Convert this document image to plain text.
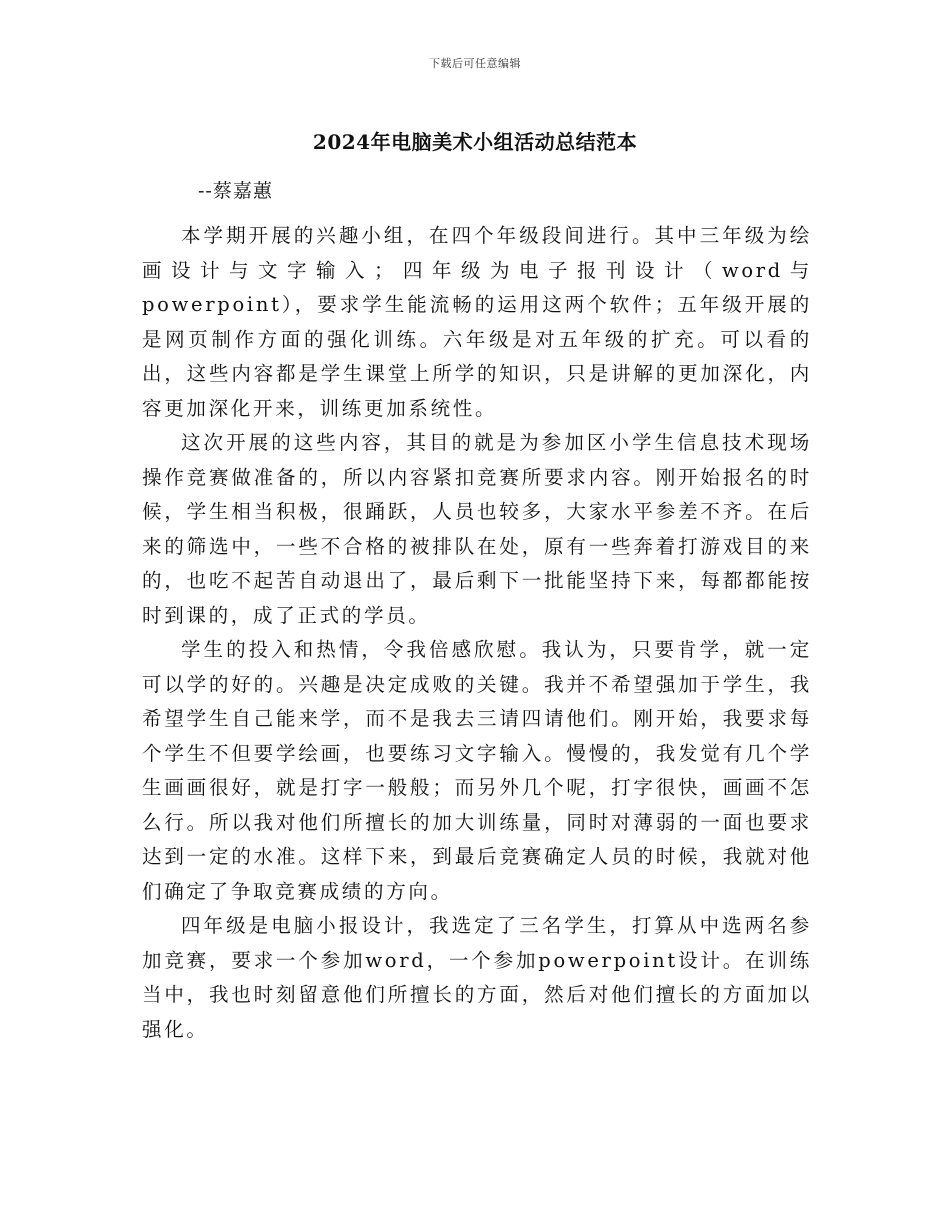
下载后可任意编辑
2024年电脑美术小组活动总结范本
--蔡嘉蕙

本学期开展的兴趣小组，在四个年级段间进行。其中三年级为绘画设计与文字输入；四年级为电子报刊设计（word与powerpoint），要求学生能流畅的运用这两个软件；五年级开展的是网页制作方面的强化训练。六年级是对五年级的扩充。可以看的出，这些内容都是学生课堂上所学的知识，只是讲解的更加深化，内容更加深化开来，训练更加系统性。

这次开展的这些内容，其目的就是为参加区小学生信息技术现场操作竞赛做准备的，所以内容紧扣竞赛所要求内容。刚开始报名的时候，学生相当积极，很踊跃，人员也较多，大家水平参差不齐。在后来的筛选中，一些不合格的被排队在处，原有一些奔着打游戏目的来的，也吃不起苦自动退出了，最后剩下一批能坚持下来，每都都能按时到课的，成了正式的学员。

学生的投入和热情，令我倍感欣慰。我认为，只要肯学，就一定可以学的好的。兴趣是决定成败的关键。我并不希望强加于学生，我希望学生自己能来学，而不是我去三请四请他们。刚开始，我要求每个学生不但要学绘画，也要练习文字输入。慢慢的，我发觉有几个学生画画很好，就是打字一般般；而另外几个呢，打字很快，画画不怎么行。所以我对他们所擅长的加大训练量，同时对薄弱的一面也要求达到一定的水准。这样下来，到最后竞赛确定人员的时候，我就对他们确定了争取竞赛成绩的方向。

四年级是电脑小报设计，我选定了三名学生，打算从中选两名参加竞赛，要求一个参加word，一个参加powerpoint设计。在训练当中，我也时刻留意他们所擅长的方面，然后对他们擅长的方面加以强化。
